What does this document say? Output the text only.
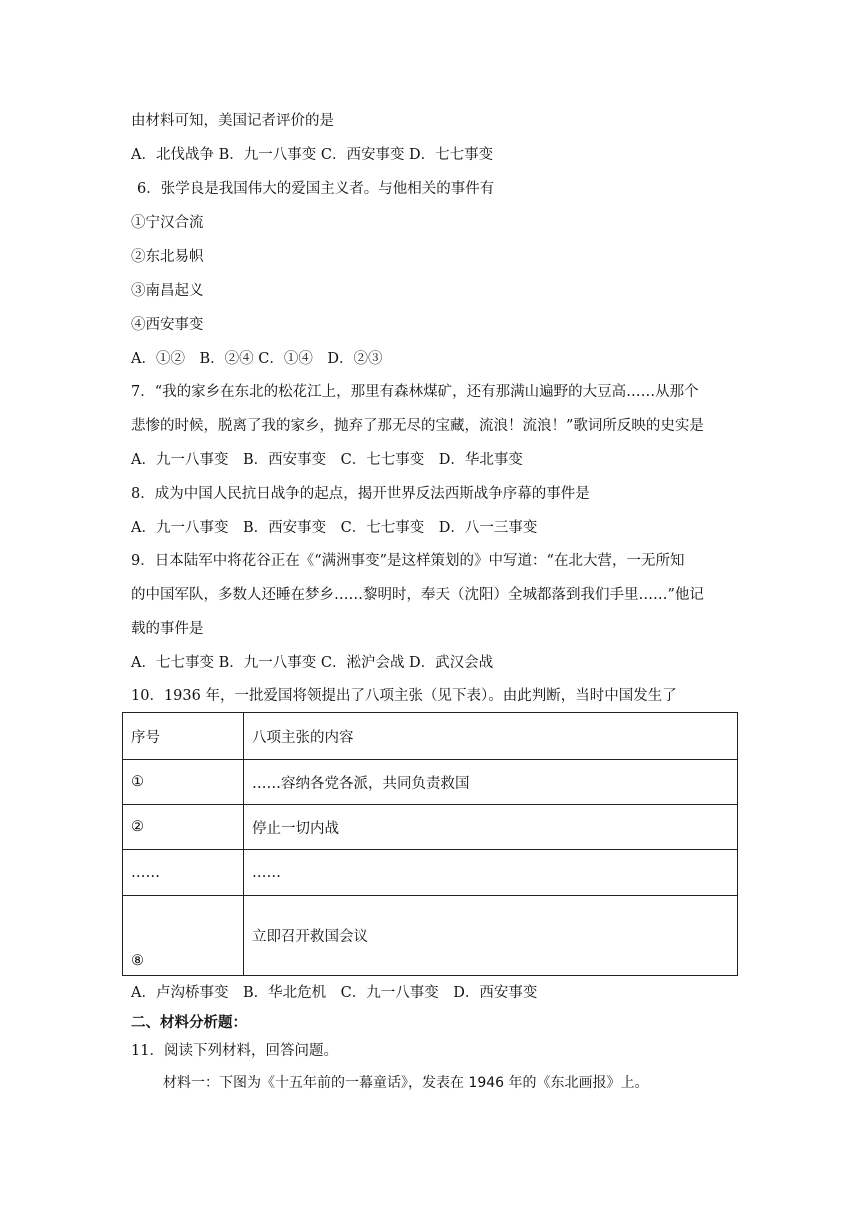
由材料可知，美国记者评价的是
A．北伐战争 B．九一八事变 C．西安事变 D．七七事变
6．张学良是我国伟大的爱国主义者。与他相关的事件有
①宁汉合流
②东北易帜
③南昌起义
④西安事变
A．①②　B．②④ C．①④　D．②③
7．“我的家乡在东北的松花江上，那里有森林煤矿，还有那满山遍野的大豆高……从那个
悲惨的时候，脱离了我的家乡，抛弃了那无尽的宝藏，流浪！流浪！”歌词所反映的史实是
A．九一八事变　B．西安事变　C．七七事变　D．华北事变
8．成为中国人民抗日战争的起点，揭开世界反法西斯战争序幕的事件是
A．九一八事变　B．西安事变　C．七七事变　D．八一三事变
9．日本陆军中将花谷正在《“满洲事变”是这样策划的》中写道：“在北大营，一无所知
的中国军队，多数人还睡在梦乡……黎明时，奉天（沈阳）全城都落到我们手里……”他记
载的事件是
A．七七事变 B．九一八事变 C．淞沪会战 D．武汉会战
10．1936 年，一批爱国将领提出了八项主张（见下表）。由此判断，当时中国发生了
序号	八项主张的内容
①	……容纳各党各派，共同负责救国
②	停止一切内战
……	……
⑧	立即召开救国会议
A．卢沟桥事变　B．华北危机　C．九一八事变　D．西安事变
二、材料分析题：
11．阅读下列材料，回答问题。
材料一：下图为《十五年前的一幕童话》，发表在 1946 年的《东北画报》上。
